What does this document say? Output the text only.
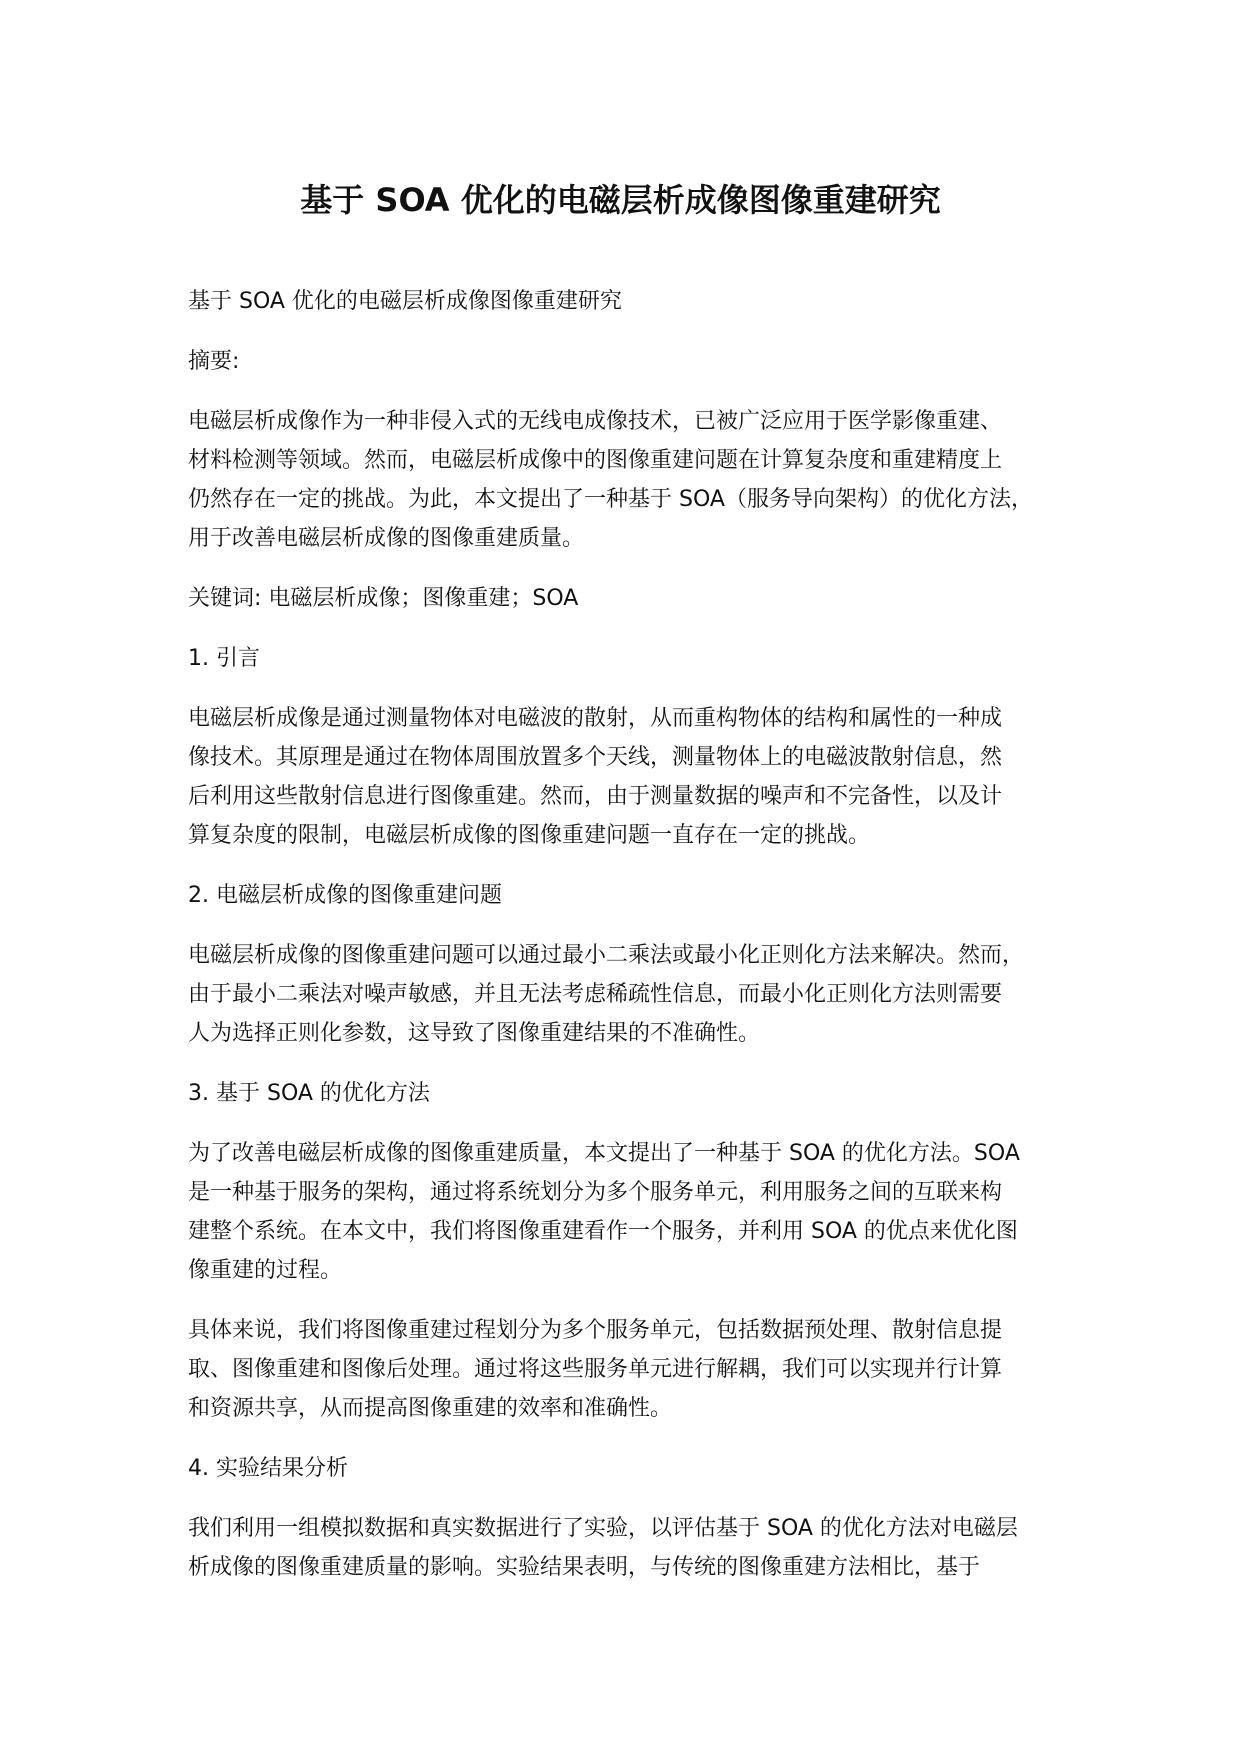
基于 SOA 优化的电磁层析成像图像重建研究

基于 SOA 优化的电磁层析成像图像重建研究

摘要:

电磁层析成像作为一种非侵入式的无线电成像技术，已被广泛应用于医学影像重建、
材料检测等领域。然而，电磁层析成像中的图像重建问题在计算复杂度和重建精度上
仍然存在一定的挑战。为此，本文提出了一种基于 SOA（服务导向架构）的优化方法，
用于改善电磁层析成像的图像重建质量。

关键词: 电磁层析成像；图像重建；SOA

1. 引言

电磁层析成像是通过测量物体对电磁波的散射，从而重构物体的结构和属性的一种成
像技术。其原理是通过在物体周围放置多个天线，测量物体上的电磁波散射信息，然
后利用这些散射信息进行图像重建。然而，由于测量数据的噪声和不完备性，以及计
算复杂度的限制，电磁层析成像的图像重建问题一直存在一定的挑战。

2. 电磁层析成像的图像重建问题

电磁层析成像的图像重建问题可以通过最小二乘法或最小化正则化方法来解决。然而，
由于最小二乘法对噪声敏感，并且无法考虑稀疏性信息，而最小化正则化方法则需要
人为选择正则化参数，这导致了图像重建结果的不准确性。

3. 基于 SOA 的优化方法

为了改善电磁层析成像的图像重建质量，本文提出了一种基于 SOA 的优化方法。SOA
是一种基于服务的架构，通过将系统划分为多个服务单元，利用服务之间的互联来构
建整个系统。在本文中，我们将图像重建看作一个服务，并利用 SOA 的优点来优化图
像重建的过程。

具体来说，我们将图像重建过程划分为多个服务单元，包括数据预处理、散射信息提
取、图像重建和图像后处理。通过将这些服务单元进行解耦，我们可以实现并行计算
和资源共享，从而提高图像重建的效率和准确性。

4. 实验结果分析

我们利用一组模拟数据和真实数据进行了实验，以评估基于 SOA 的优化方法对电磁层
析成像的图像重建质量的影响。实验结果表明，与传统的图像重建方法相比，基于
